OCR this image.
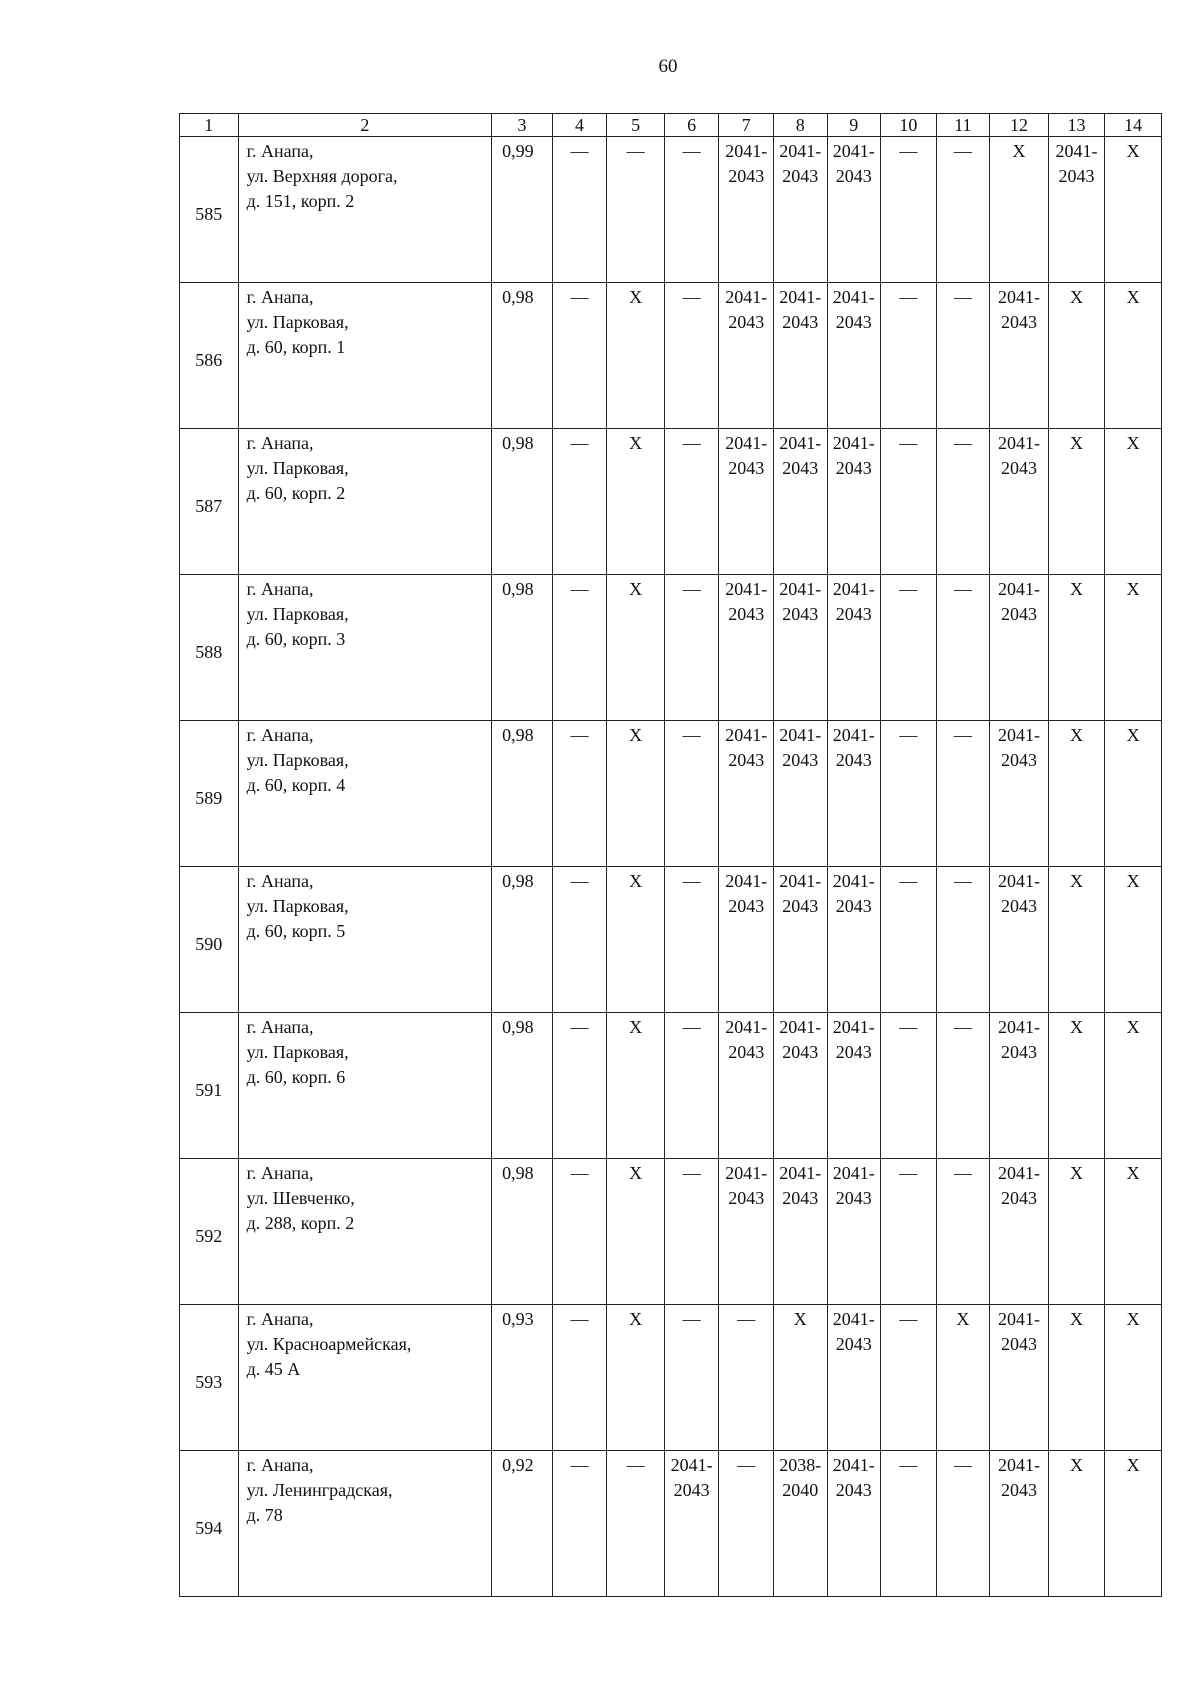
60
1	2	3	4	5	6	7	8	9	10	11	12	13	14
585	г. Анапа,
ул. Верхняя дорога,
д. 151, корп. 2	0,99	—	—	—	2041-
2043	2041-
2043	2041-
2043	—	—	Х	2041-
2043	Х
586	г. Анапа,
ул. Парковая,
д. 60, корп. 1	0,98	—	Х	—	2041-
2043	2041-
2043	2041-
2043	—	—	2041-
2043	Х	Х
587	г. Анапа,
ул. Парковая,
д. 60, корп. 2	0,98	—	Х	—	2041-
2043	2041-
2043	2041-
2043	—	—	2041-
2043	Х	Х
588	г. Анапа,
ул. Парковая,
д. 60, корп. 3	0,98	—	Х	—	2041-
2043	2041-
2043	2041-
2043	—	—	2041-
2043	Х	Х
589	г. Анапа,
ул. Парковая,
д. 60, корп. 4	0,98	—	Х	—	2041-
2043	2041-
2043	2041-
2043	—	—	2041-
2043	Х	Х
590	г. Анапа,
ул. Парковая,
д. 60, корп. 5	0,98	—	Х	—	2041-
2043	2041-
2043	2041-
2043	—	—	2041-
2043	Х	Х
591	г. Анапа,
ул. Парковая,
д. 60, корп. 6	0,98	—	Х	—	2041-
2043	2041-
2043	2041-
2043	—	—	2041-
2043	Х	Х
592	г. Анапа,
ул. Шевченко,
д. 288, корп. 2	0,98	—	Х	—	2041-
2043	2041-
2043	2041-
2043	—	—	2041-
2043	Х	Х
593	г. Анапа,
ул. Красноармейская,
д. 45 А	0,93	—	Х	—	—	Х	2041-
2043	—	Х	2041-
2043	Х	Х
594	г. Анапа,
ул. Ленинградская,
д. 78	0,92	—	—	2041-
2043	—	2038-
2040	2041-
2043	—	—	2041-
2043	Х	Х
